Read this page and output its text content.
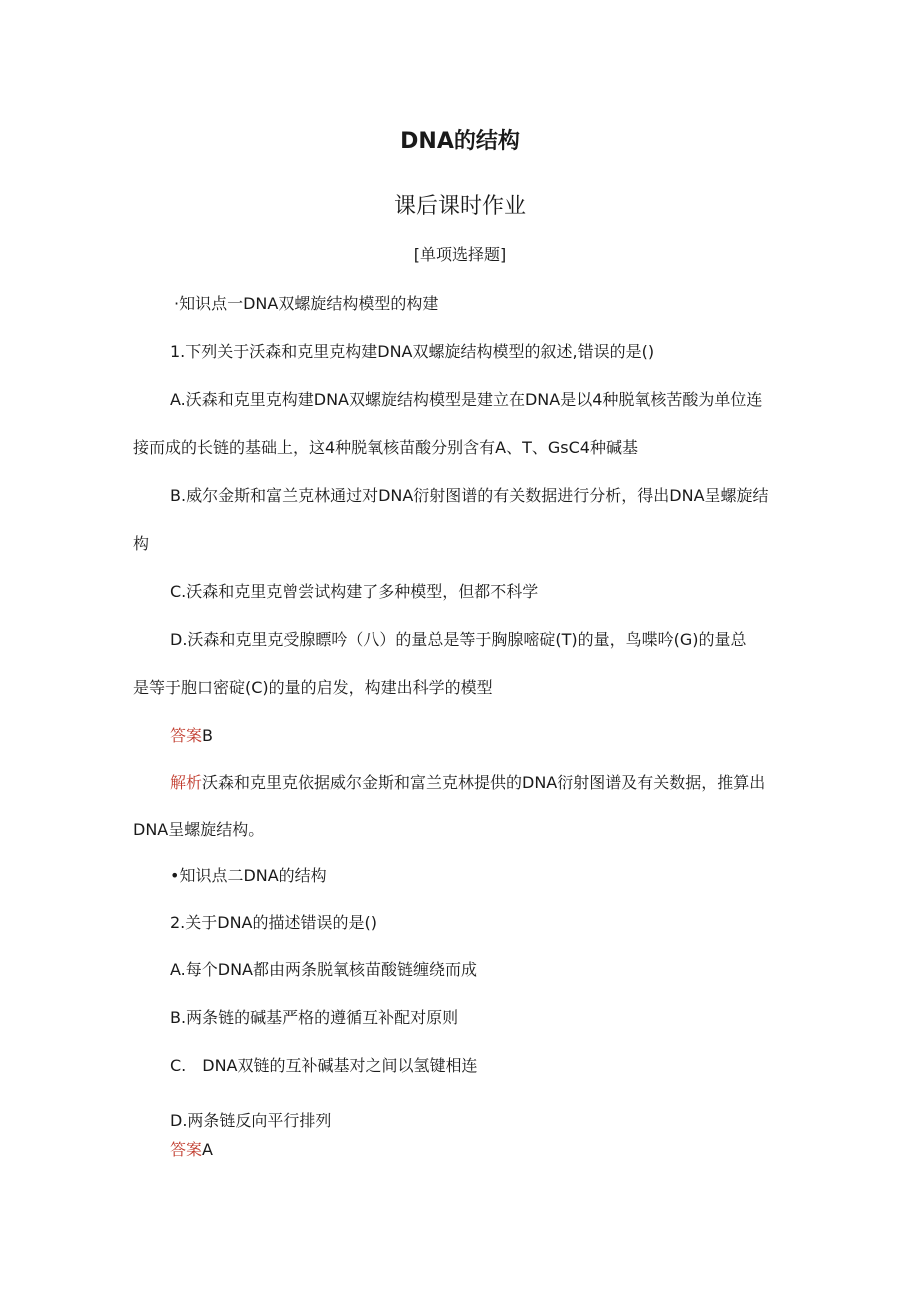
DNA的结构
课后课时作业
[单项选择题]
·知识点一DNA双螺旋结构模型的构建
1.下列关于沃森和克里克构建DNA双螺旋结构模型的叙述,错误的是()
A.沃森和克里克构建DNA双螺旋结构模型是建立在DNA是以4种脱氧核苦酸为单位连
接而成的长链的基础上，这4种脱氧核苗酸分别含有A、T、GsC4种碱基
B.威尔金斯和富兰克林通过对DNA衍射图谱的有关数据进行分析，得出DNA呈螺旋结
构
C.沃森和克里克曾尝试构建了多种模型，但都不科学
D.沃森和克里克受腺瞟吟（八）的量总是等于胸腺嘧碇(T)的量，鸟喋吟(G)的量总
是等于胞口密碇(C)的量的启发，构建出科学的模型
答案B
解析沃森和克里克依据威尔金斯和富兰克林提供的DNA衍射图谱及有关数据，推算出
DNA呈螺旋结构。
•知识点二DNA的结构
2.关于DNA的描述错误的是()
A.每个DNA都由两条脱氧核苗酸链缠绕而成
B.两条链的碱基严格的遵循互补配对原则
C.　DNA双链的互补碱基对之间以氢键相连
D.两条链反向平行排列
答案A
